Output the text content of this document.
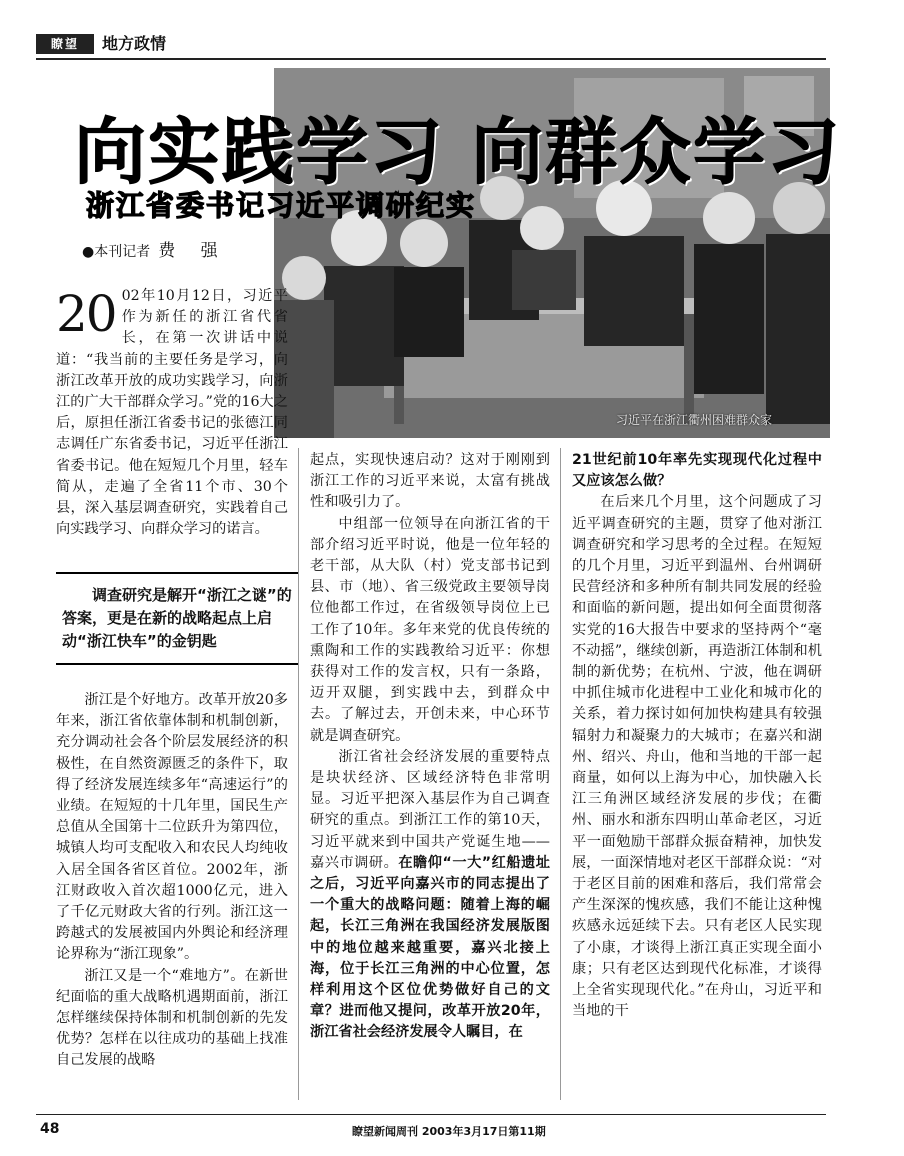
瞭望	地方政情
习近平在浙江衢州困难群众家
向实践学习 向群众学习
浙江省委书记习近平调研纪实
●本刊记者 费 强

20 02年10月12日，习近平作为新任的浙江省代省长，在第一次讲话中说道：“我当前的主要任务是学习，向浙江改革开放的成功实践学习，向浙江的广大干部群众学习。”党的16大之后，原担任浙江省委书记的张德江同志调任广东省委书记，习近平任浙江省委书记。他在短短几个月里，轻车简从，走遍了全省11个市、30个县，深入基层调查研究，实践着自己向实践学习、向群众学习的诺言。

调查研究是解开“浙江之谜”的答案，更是在新的战略起点上启动“浙江快车”的金钥匙

浙江是个好地方。改革开放20多年来，浙江省依靠体制和机制创新，充分调动社会各个阶层发展经济的积极性，在自然资源匮乏的条件下，取得了经济发展连续多年“高速运行”的业绩。在短短的十几年里，国民生产总值从全国第十二位跃升为第四位，城镇人均可支配收入和农民人均纯收入居全国各省区首位。2002年，浙江财政收入首次超1000亿元，进入了千亿元财政大省的行列。浙江这一跨越式的发展被国内外舆论和经济理论界称为“浙江现象”。

浙江又是一个“难地方”。在新世纪面临的重大战略机遇期面前，浙江怎样继续保持体制和机制创新的先发优势？怎样在以往成功的基础上找准自己发展的战略

起点，实现快速启动？这对于刚刚到浙江工作的习近平来说，太富有挑战性和吸引力了。

中组部一位领导在向浙江省的干部介绍习近平时说，他是一位年轻的老干部，从大队（村）党支部书记到县、市（地）、省三级党政主要领导岗位他都工作过，在省级领导岗位上已工作了10年。多年来党的优良传统的熏陶和工作的实践教给习近平：你想获得对工作的发言权，只有一条路，迈开双腿，到实践中去，到群众中去。了解过去，开创未来，中心环节就是调查研究。

浙江省社会经济发展的重要特点是块状经济、区域经济特色非常明显。习近平把深入基层作为自己调查研究的重点。到浙江工作的第10天，习近平就来到中国共产党诞生地——嘉兴市调研。在瞻仰“一大”红船遗址之后，习近平向嘉兴市的同志提出了一个重大的战略问题：随着上海的崛起，长江三角洲在我国经济发展版图中的地位越来越重要，嘉兴北接上海，位于长江三角洲的中心位置，怎样利用这个区位优势做好自己的文章？进而他又提问，改革开放20年，浙江省社会经济发展令人瞩目，在

21世纪前10年率先实现现代化过程中又应该怎么做？

在后来几个月里，这个问题成了习近平调查研究的主题，贯穿了他对浙江调查研究和学习思考的全过程。在短短的几个月里，习近平到温州、台州调研民营经济和多种所有制共同发展的经验和面临的新问题，提出如何全面贯彻落实党的16大报告中要求的坚持两个“毫不动摇”，继续创新，再造浙江体制和机制的新优势；在杭州、宁波，他在调研中抓住城市化进程中工业化和城市化的关系，着力探讨如何加快构建具有较强辐射力和凝聚力的大城市；在嘉兴和湖州、绍兴、舟山，他和当地的干部一起商量，如何以上海为中心，加快融入长江三角洲区域经济发展的步伐；在衢州、丽水和浙东四明山革命老区，习近平一面勉励干部群众振奋精神，加快发展，一面深情地对老区干部群众说：“对于老区目前的困难和落后，我们常常会产生深深的愧疚感，我们不能让这种愧疚感永远延续下去。只有老区人民实现了小康，才谈得上浙江真正实现全面小康；只有老区达到现代化标准，才谈得上全省实现现代化。”在舟山，习近平和当地的干

48	瞭望新闻周刊 2003年3月17日第11期
